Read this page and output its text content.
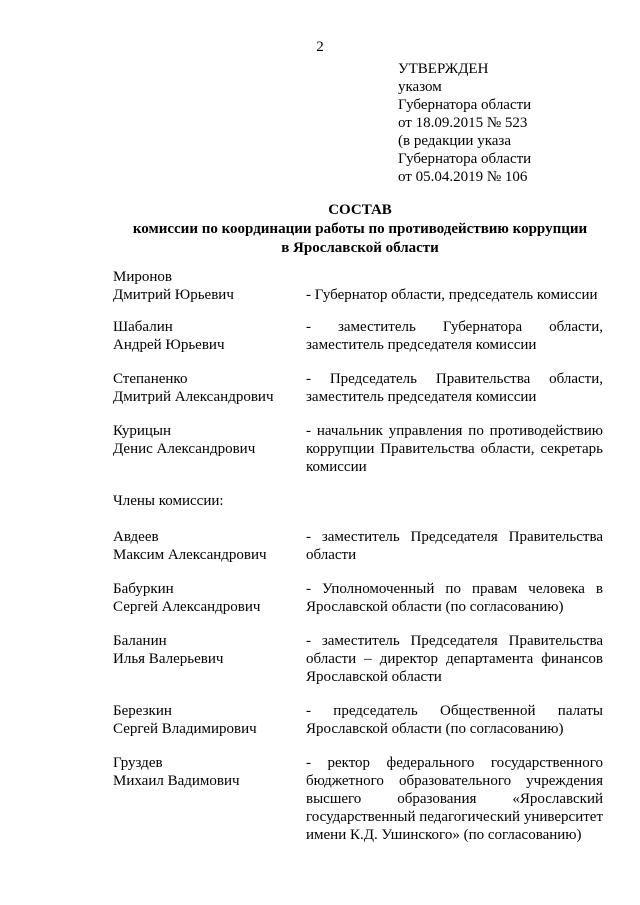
2
УТВЕРЖДЕН
указом
Губернатора области
от 18.09.2015 № 523
(в редакции указа
Губернатора области
от 05.04.2019 № 106
СОСТАВ
комиссии по координации работы по противодействию коррупции
в Ярославской области
Миронов
Дмитрий Юрьевич	- Губернатор области, председатель комиссии
Шабалин
Андрей Юрьевич
- заместитель Губернатора области, заместитель председателя комиссии
Степаненко
Дмитрий Александрович
- Председатель Правительства области, заместитель председателя комиссии
Курицын
Денис Александрович
- начальник управления по противодействию коррупции Правительства области, секретарь комиссии
Члены комиссии:
Авдеев
Максим Александрович
- заместитель Председателя Правительства области
Бабуркин
Сергей Александрович
- Уполномоченный по правам человека в Ярославской области (по согласованию)
Баланин
Илья Валерьевич
- заместитель Председателя Правительства области – директор департамента финансов Ярославской области
Березкин
Сергей Владимирович
- председатель Общественной палаты Ярославской области (по согласованию)
Груздев
Михаил Вадимович
- ректор федерального государственного бюджетного образовательного учреждения высшего образования «Ярославский государственный педагогический университет имени К.Д. Ушинского» (по согласованию)
